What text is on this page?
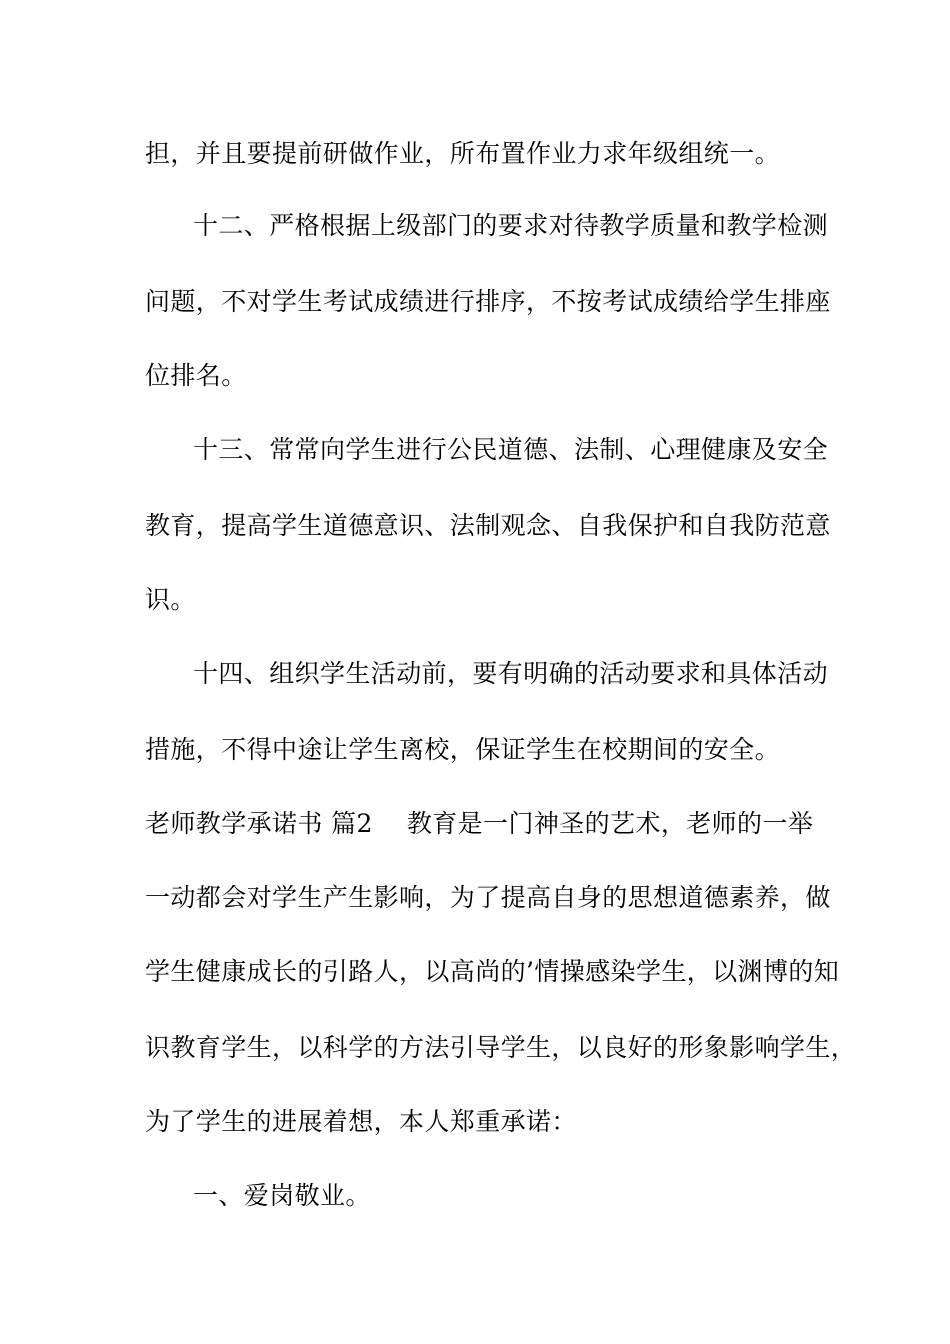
担，并且要提前研做作业，所布置作业力求年级组统一。
十二、严格根据上级部门的要求对待教学质量和教学检测
问题，不对学生考试成绩进行排序，不按考试成绩给学生排座
位排名。
十三、常常向学生进行公民道德、法制、心理健康及安全
教育，提高学生道德意识、法制观念、自我保护和自我防范意
识。
十四、组织学生活动前，要有明确的活动要求和具体活动
措施，不得中途让学生离校，保证学生在校期间的安全。
老师教学承诺书 篇2 教育是一门神圣的艺术，老师的一举
一动都会对学生产生影响，为了提高自身的思想道德素养，做
学生健康成长的引路人，以高尚的’情操感染学生，以渊博的知
识教育学生，以科学的方法引导学生，以良好的形象影响学生，
为了学生的进展着想，本人郑重承诺：
一、爱岗敬业。
